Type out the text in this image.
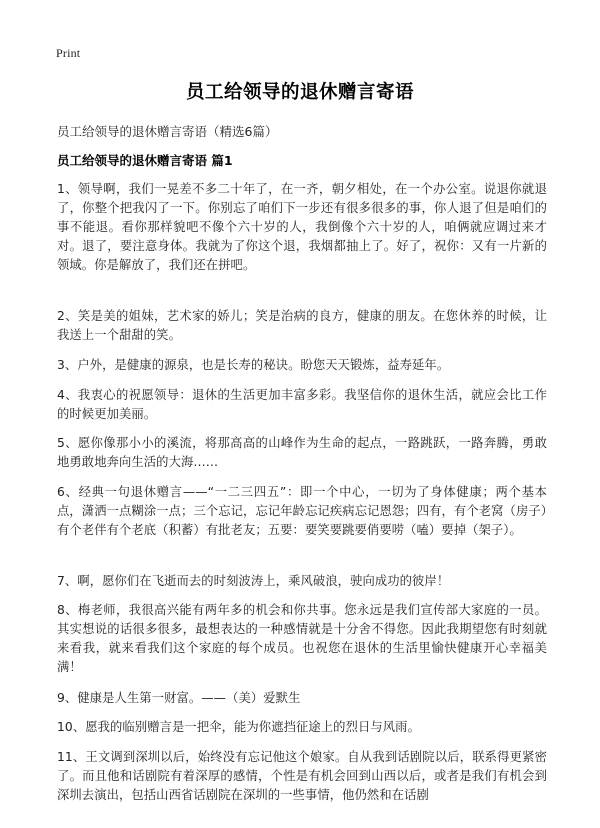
Print
员工给领导的退休赠言寄语
员工给领导的退休赠言寄语（精选6篇）
员工给领导的退休赠言寄语 篇1

1、领导啊，我们一晃差不多二十年了，在一齐，朝夕相处，在一个办公室。说退你就退了，你整个把我闪了一下。你别忘了咱们下一步还有很多很多的事，你人退了但是咱们的事不能退。看你那样貌吧不像个六十岁的人，我倒像个六十岁的人，咱俩就应调过来才对。退了，要注意身体。我就为了你这个退，我烟都抽上了。好了，祝你：又有一片新的领域。你是解放了，我们还在拼吧。

2、笑是美的姐妹，艺术家的娇儿；笑是治病的良方，健康的朋友。在您休养的时候，让我送上一个甜甜的笑。

3、户外，是健康的源泉，也是长寿的秘诀。盼您天天锻炼，益寿延年。

4、我衷心的祝愿领导：退休的生活更加丰富多彩。我坚信你的退休生活，就应会比工作的时候更加美丽。

5、愿你像那小小的溪流，将那高高的山峰作为生命的起点，一路跳跃，一路奔腾，勇敢地勇敢地奔向生活的大海……

6、经典一句退休赠言——“一二三四五”：即一个中心，一切为了身体健康；两个基本点，潇洒一点糊涂一点；三个忘记，忘记年龄忘记疾病忘记恩怨；四有，有个老窝（房子）有个老伴有个老底（积蓄）有批老友；五要：要笑要跳要俏要唠（嗑）要掉（架子）。

7、啊，愿你们在飞逝而去的时刻波涛上，乘风破浪，驶向成功的彼岸！

8、梅老师，我很高兴能有两年多的机会和你共事。您永远是我们宣传部大家庭的一员。其实想说的话很多很多，最想表达的一种感情就是十分舍不得您。因此我期望您有时刻就来看我，就来看我们这个家庭的每个成员。也祝您在退休的生活里愉快健康开心幸福美满！

9、健康是人生第一财富。——（美）爱默生

10、愿我的临别赠言是一把伞，能为你遮挡征途上的烈日与风雨。

11、王文调到深圳以后，始终没有忘记他这个娘家。自从我到话剧院以后，联系得更紧密了。而且他和话剧院有着深厚的感情，个性是有机会回到山西以后，或者是我们有机会到深圳去演出，包括山西省话剧院在深圳的一些事情，他仍然和在话剧
